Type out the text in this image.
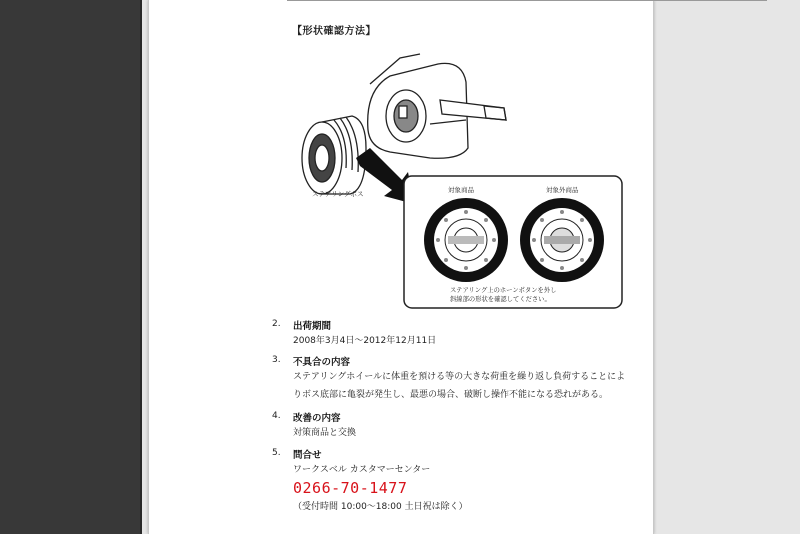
【形状確認方法】
ステアリングボス	対象商品	対象外商品
ステアリング上のホーンボタンを外し
斜線部の形状を確認してください。
2. 出荷期間
2008年3月4日～2012年12月11日
3. 不具合の内容
ステアリングホイールに体重を預ける等の大きな荷重を繰り返し負荷することによ
りボス底部に亀裂が発生し、最悪の場合、破断し操作不能になる恐れがある。
4. 改善の内容
対策商品と交換
5. 問合せ
ワークスベル カスタマーセンター
0266-70-1477
（受付時間 10:00～18:00 土日祝は除く）
